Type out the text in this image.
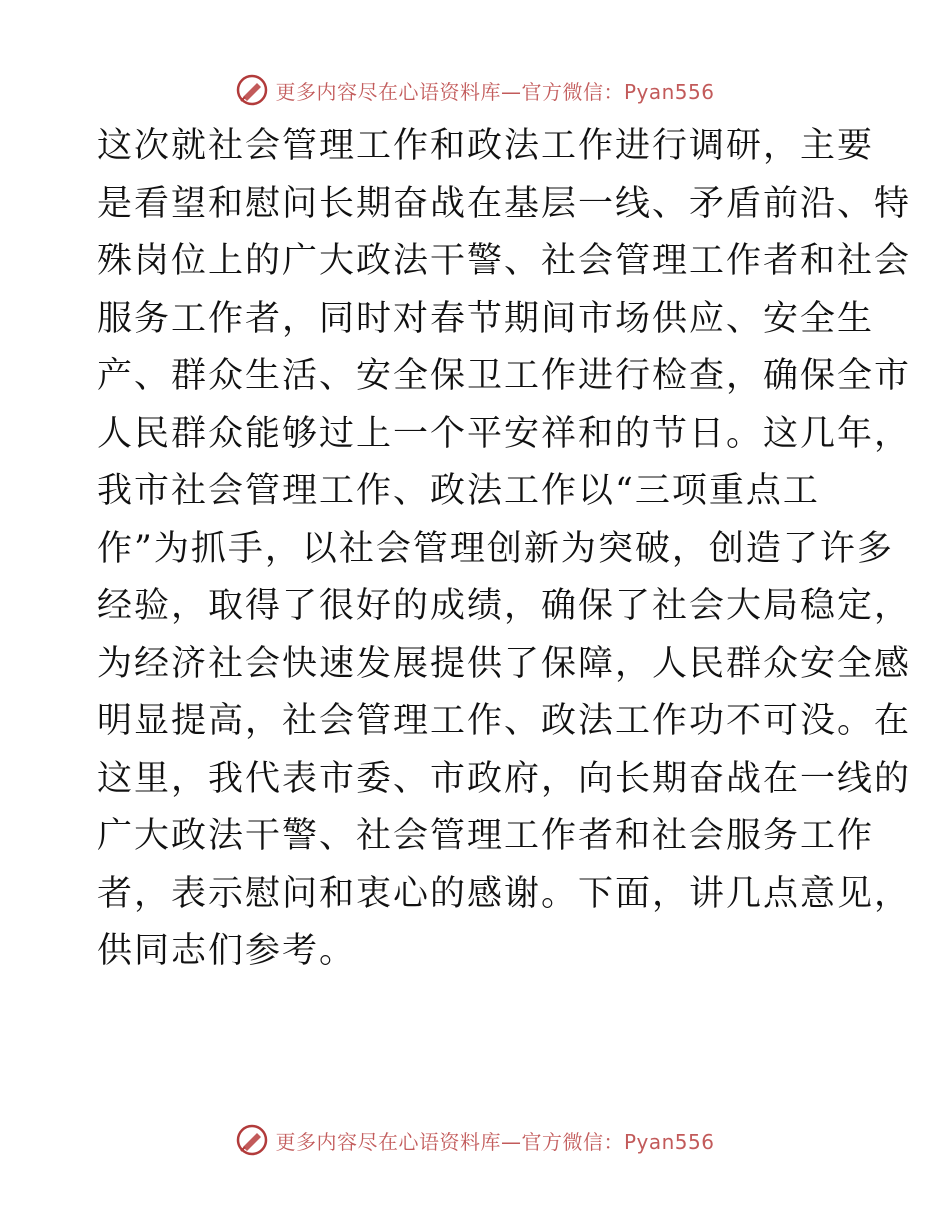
更多内容尽在心语资料库—官方微信：Pyan556
这次就社会管理工作和政法工作进行调研，主要
是看望和慰问长期奋战在基层一线、矛盾前沿、特
殊岗位上的广大政法干警、社会管理工作者和社会
服务工作者，同时对春节期间市场供应、安全生
产、群众生活、安全保卫工作进行检查，确保全市
人民群众能够过上一个平安祥和的节日。这几年，
我市社会管理工作、政法工作以“三项重点工
作”为抓手，以社会管理创新为突破，创造了许多
经验，取得了很好的成绩，确保了社会大局稳定，
为经济社会快速发展提供了保障，人民群众安全感
明显提高，社会管理工作、政法工作功不可没。在
这里，我代表市委、市政府，向长期奋战在一线的
广大政法干警、社会管理工作者和社会服务工作
者，表示慰问和衷心的感谢。下面，讲几点意见，
供同志们参考。
更多内容尽在心语资料库—官方微信：Pyan556
